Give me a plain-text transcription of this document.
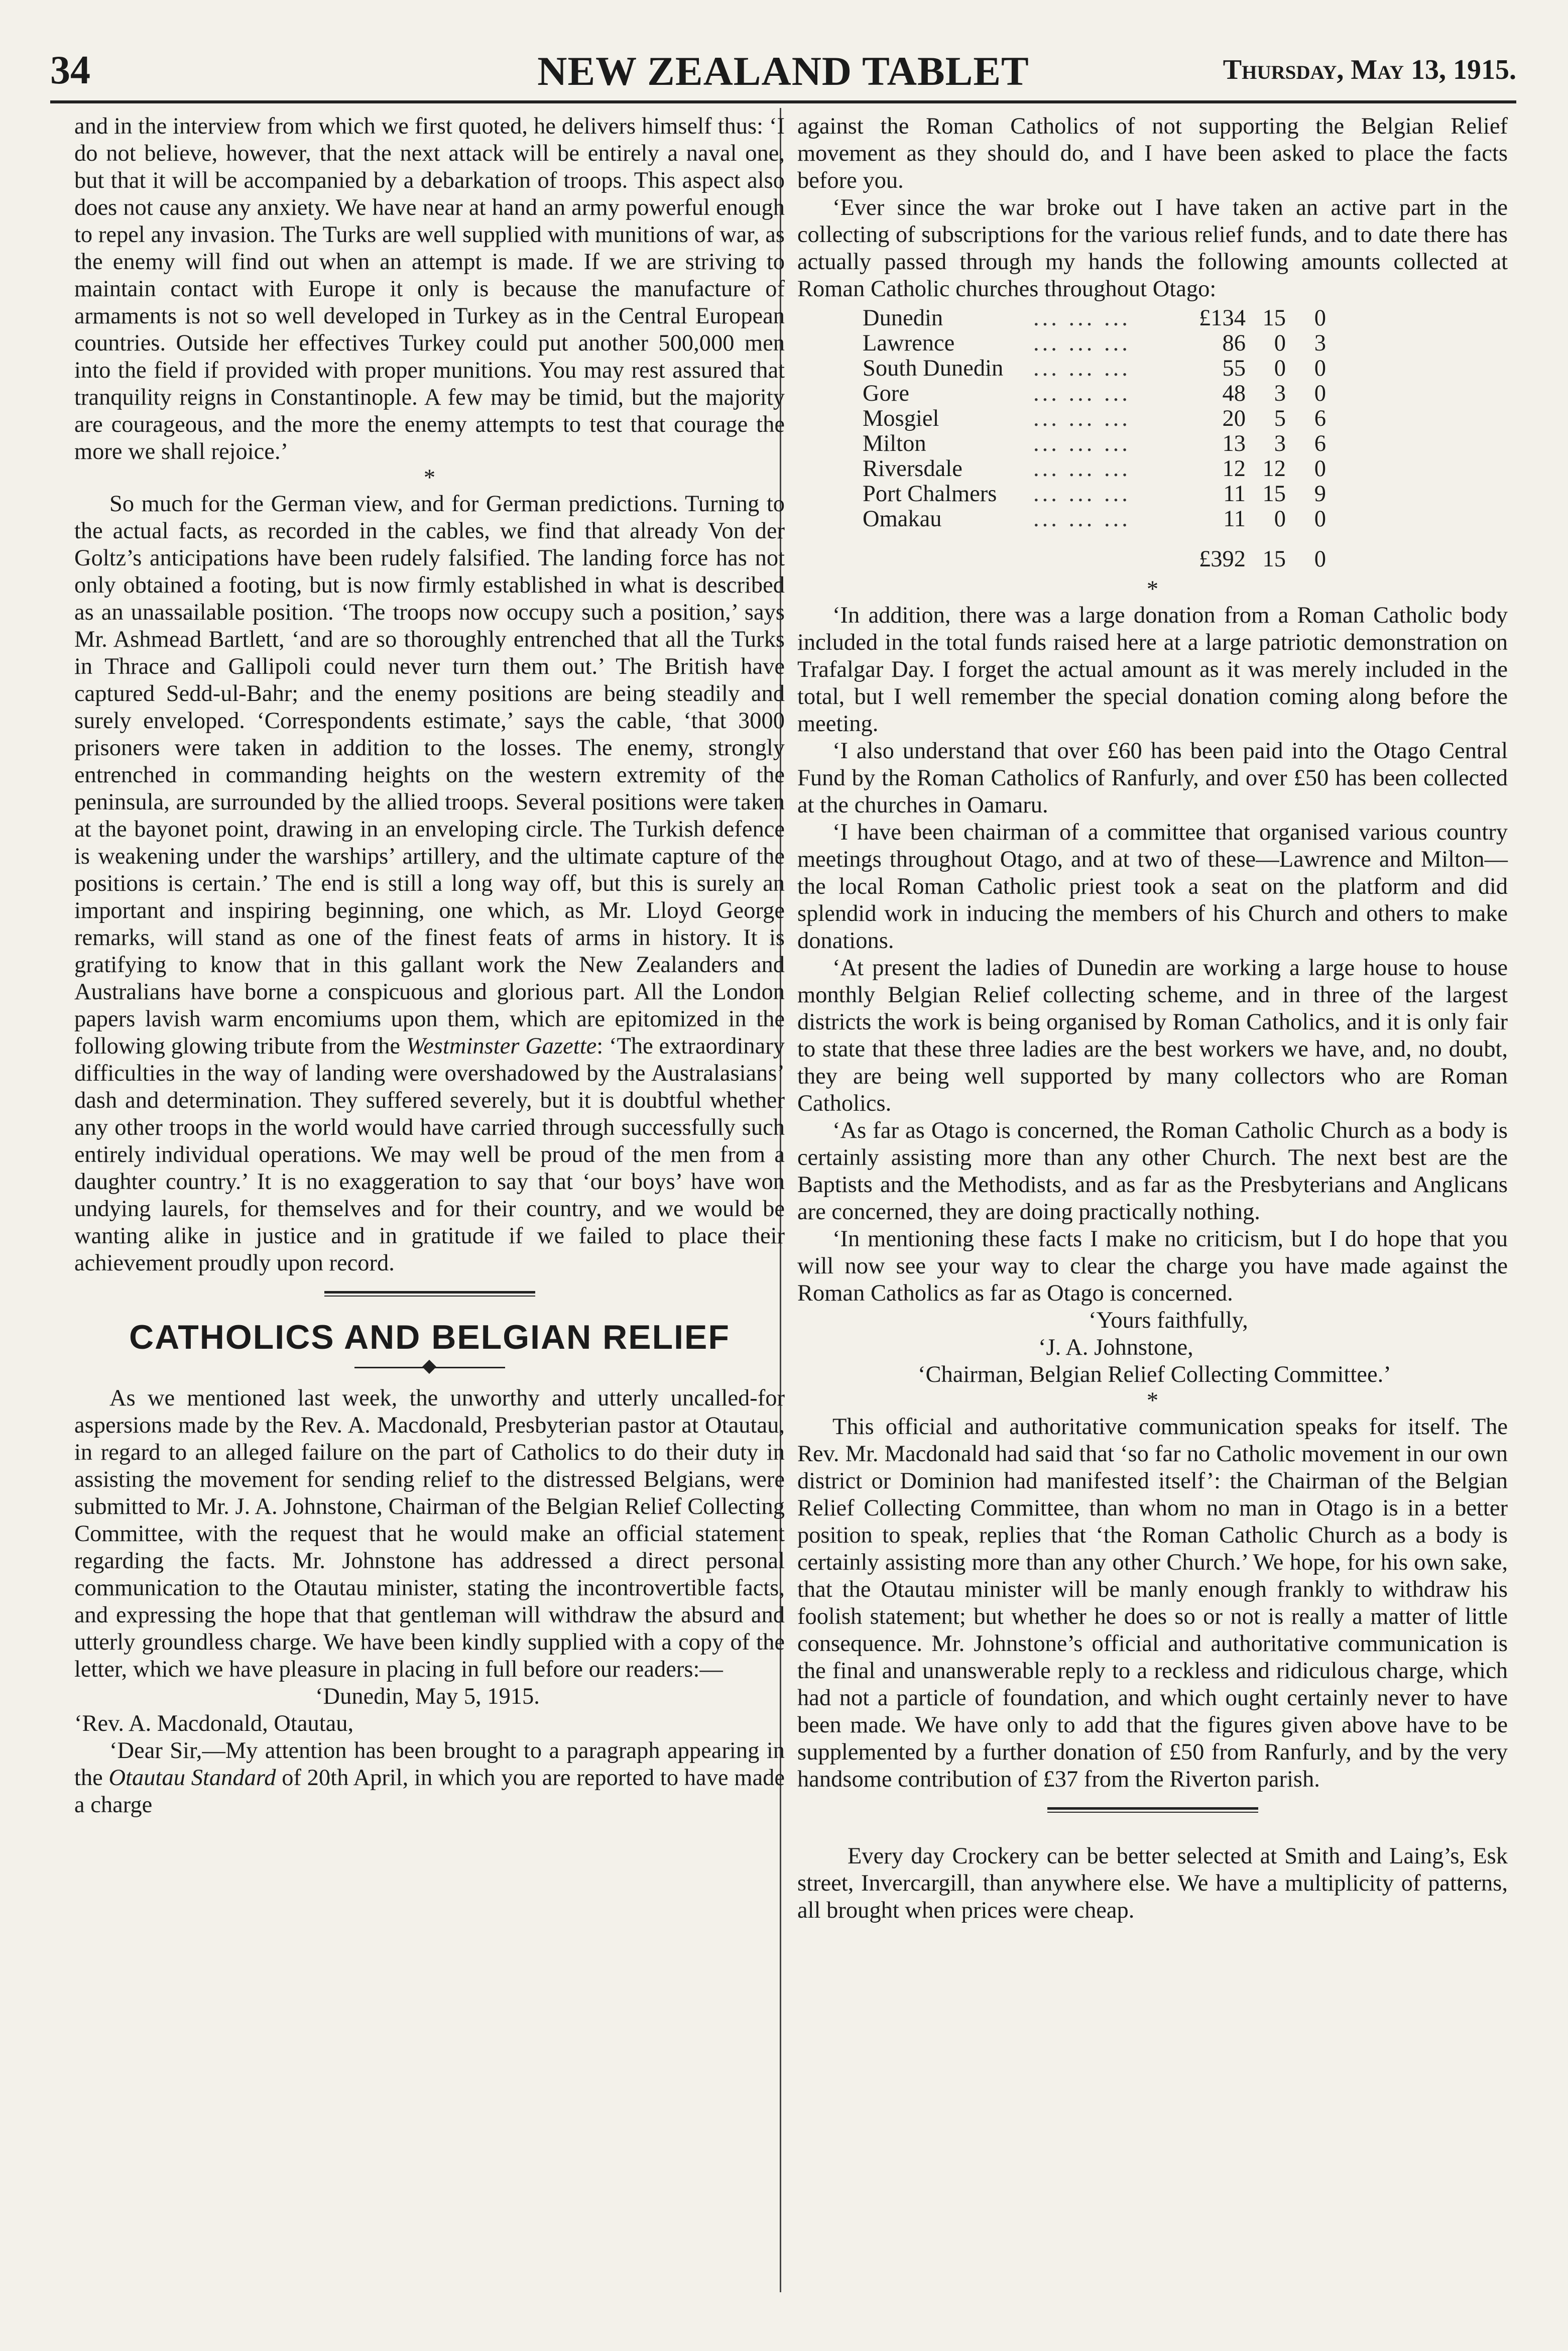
NEW ZEALAND TABLET
34	Thursday, May 13, 1915.

and in the interview from which we first quoted, he delivers himself thus: ‘I do not believe, however, that the next attack will be entirely a naval one, but that it will be accompanied by a debarkation of troops. This aspect also does not cause any anxiety. We have near at hand an army powerful enough to repel any invasion. The Turks are well supplied with munitions of war, as the enemy will find out when an attempt is made. If we are striving to maintain contact with Europe it only is because the manufacture of armaments is not so well developed in Turkey as in the Central European countries. Outside her effectives Turkey could put another 500,000 men into the field if provided with proper munitions. You may rest assured that tranquility reigns in Constantinople. A few may be timid, but the majority are courageous, and the more the enemy attempts to test that courage the more we shall rejoice.’

*

So much for the German view, and for German predictions. Turning to the actual facts, as recorded in the cables, we find that already Von der Goltz’s anticipations have been rudely falsified. The landing force has not only obtained a footing, but is now firmly established in what is described as an unassailable position. ‘The troops now occupy such a position,’ says Mr. Ashmead Bartlett, ‘and are so thoroughly entrenched that all the Turks in Thrace and Gallipoli could never turn them out.’ The British have captured Sedd-ul-Bahr; and the enemy positions are being steadily and surely enveloped. ‘Correspondents estimate,’ says the cable, ‘that 3000 prisoners were taken in addition to the losses. The enemy, strongly entrenched in commanding heights on the western extremity of the peninsula, are surrounded by the allied troops. Several positions were taken at the bayonet point, drawing in an enveloping circle. The Turkish defence is weakening under the warships’ artillery, and the ultimate capture of the positions is certain.’ The end is still a long way off, but this is surely an important and inspiring beginning, one which, as Mr. Lloyd George remarks, will stand as one of the finest feats of arms in history. It is gratifying to know that in this gallant work the New Zealanders and Australians have borne a conspicuous and glorious part. All the London papers lavish warm encomiums upon them, which are epitomized in the following glowing tribute from the Westminster Gazette: ‘The extraordinary difficulties in the way of landing were overshadowed by the Australasians’ dash and determination. They suffered severely, but it is doubtful whether any other troops in the world would have carried through successfully such entirely individual operations. We may well be proud of the men from a daughter country.’ It is no exaggeration to say that ‘our boys’ have won undying laurels, for themselves and for their country, and we would be wanting alike in justice and in gratitude if we failed to place their achievement proudly upon record.

CATHOLICS AND BELGIAN RELIEF

As we mentioned last week, the unworthy and utterly uncalled-for aspersions made by the Rev. A. Macdonald, Presbyterian pastor at Otautau, in regard to an alleged failure on the part of Catholics to do their duty in assisting the movement for sending relief to the distressed Belgians, were submitted to Mr. J. A. Johnstone, Chairman of the Belgian Relief Collecting Committee, with the request that he would make an official statement regarding the facts. Mr. Johnstone has addressed a direct personal communication to the Otautau minister, stating the incontrovertible facts, and expressing the hope that that gentleman will withdraw the absurd and utterly groundless charge. We have been kindly supplied with a copy of the letter, which we have pleasure in placing in full before our readers:—

‘Dunedin, May 5, 1915.

‘Rev. A. Macdonald, Otautau,

‘Dear Sir,—My attention has been brought to a paragraph appearing in the Otautau Standard of 20th April, in which you are reported to have made a charge

against the Roman Catholics of not supporting the Belgian Relief movement as they should do, and I have been asked to place the facts before you.

‘Ever since the war broke out I have taken an active part in the collecting of subscriptions for the various relief funds, and to date there has actually passed through my hands the following amounts collected at Roman Catholic churches throughout Otago:

Dunedin	... ... ...	£134	15	0
Lawrence	... ... ...	86	0	3
South Dunedin	... ... ...	55	0	0
Gore	... ... ...	48	3	0
Mosgiel	... ... ...	20	5	6
Milton	... ... ...	13	3	6
Riversdale	... ... ...	12	12	0
Port Chalmers	... ... ...	11	15	9
Omakau	... ... ...	11	0	0
		£392	15	0
*

‘In addition, there was a large donation from a Roman Catholic body included in the total funds raised here at a large patriotic demonstration on Trafalgar Day. I forget the actual amount as it was merely included in the total, but I well remember the special donation coming along before the meeting.

‘I also understand that over £60 has been paid into the Otago Central Fund by the Roman Catholics of Ranfurly, and over £50 has been collected at the churches in Oamaru.

‘I have been chairman of a committee that organised various country meetings throughout Otago, and at two of these—Lawrence and Milton—the local Roman Catholic priest took a seat on the platform and did splendid work in inducing the members of his Church and others to make donations.

‘At present the ladies of Dunedin are working a large house to house monthly Belgian Relief collecting scheme, and in three of the largest districts the work is being organised by Roman Catholics, and it is only fair to state that these three ladies are the best workers we have, and, no doubt, they are being well supported by many collectors who are Roman Catholics.

‘As far as Otago is concerned, the Roman Catholic Church as a body is certainly assisting more than any other Church. The next best are the Baptists and the Methodists, and as far as the Presbyterians and Anglicans are concerned, they are doing practically nothing.

‘In mentioning these facts I make no criticism, but I do hope that you will now see your way to clear the charge you have made against the Roman Catholics as far as Otago is concerned.

‘Yours faithfully,

‘J. A. Johnstone,

‘Chairman, Belgian Relief Collecting Committee.’

*

This official and authoritative communication speaks for itself. The Rev. Mr. Macdonald had said that ‘so far no Catholic movement in our own district or Dominion had manifested itself’: the Chairman of the Belgian Relief Collecting Committee, than whom no man in Otago is in a better position to speak, replies that ‘the Roman Catholic Church as a body is certainly assisting more than any other Church.’ We hope, for his own sake, that the Otautau minister will be manly enough frankly to withdraw his foolish statement; but whether he does so or not is really a matter of little consequence. Mr. Johnstone’s official and authoritative communication is the final and unanswerable reply to a reckless and ridiculous charge, which had not a particle of foundation, and which ought certainly never to have been made. We have only to add that the figures given above have to be supplemented by a further donation of £50 from Ranfurly, and by the very handsome contribution of £37 from the Riverton parish.

Every day Crockery can be better selected at Smith and Laing’s, Esk street, Invercargill, than anywhere else. We have a multiplicity of patterns, all brought when prices were cheap.
